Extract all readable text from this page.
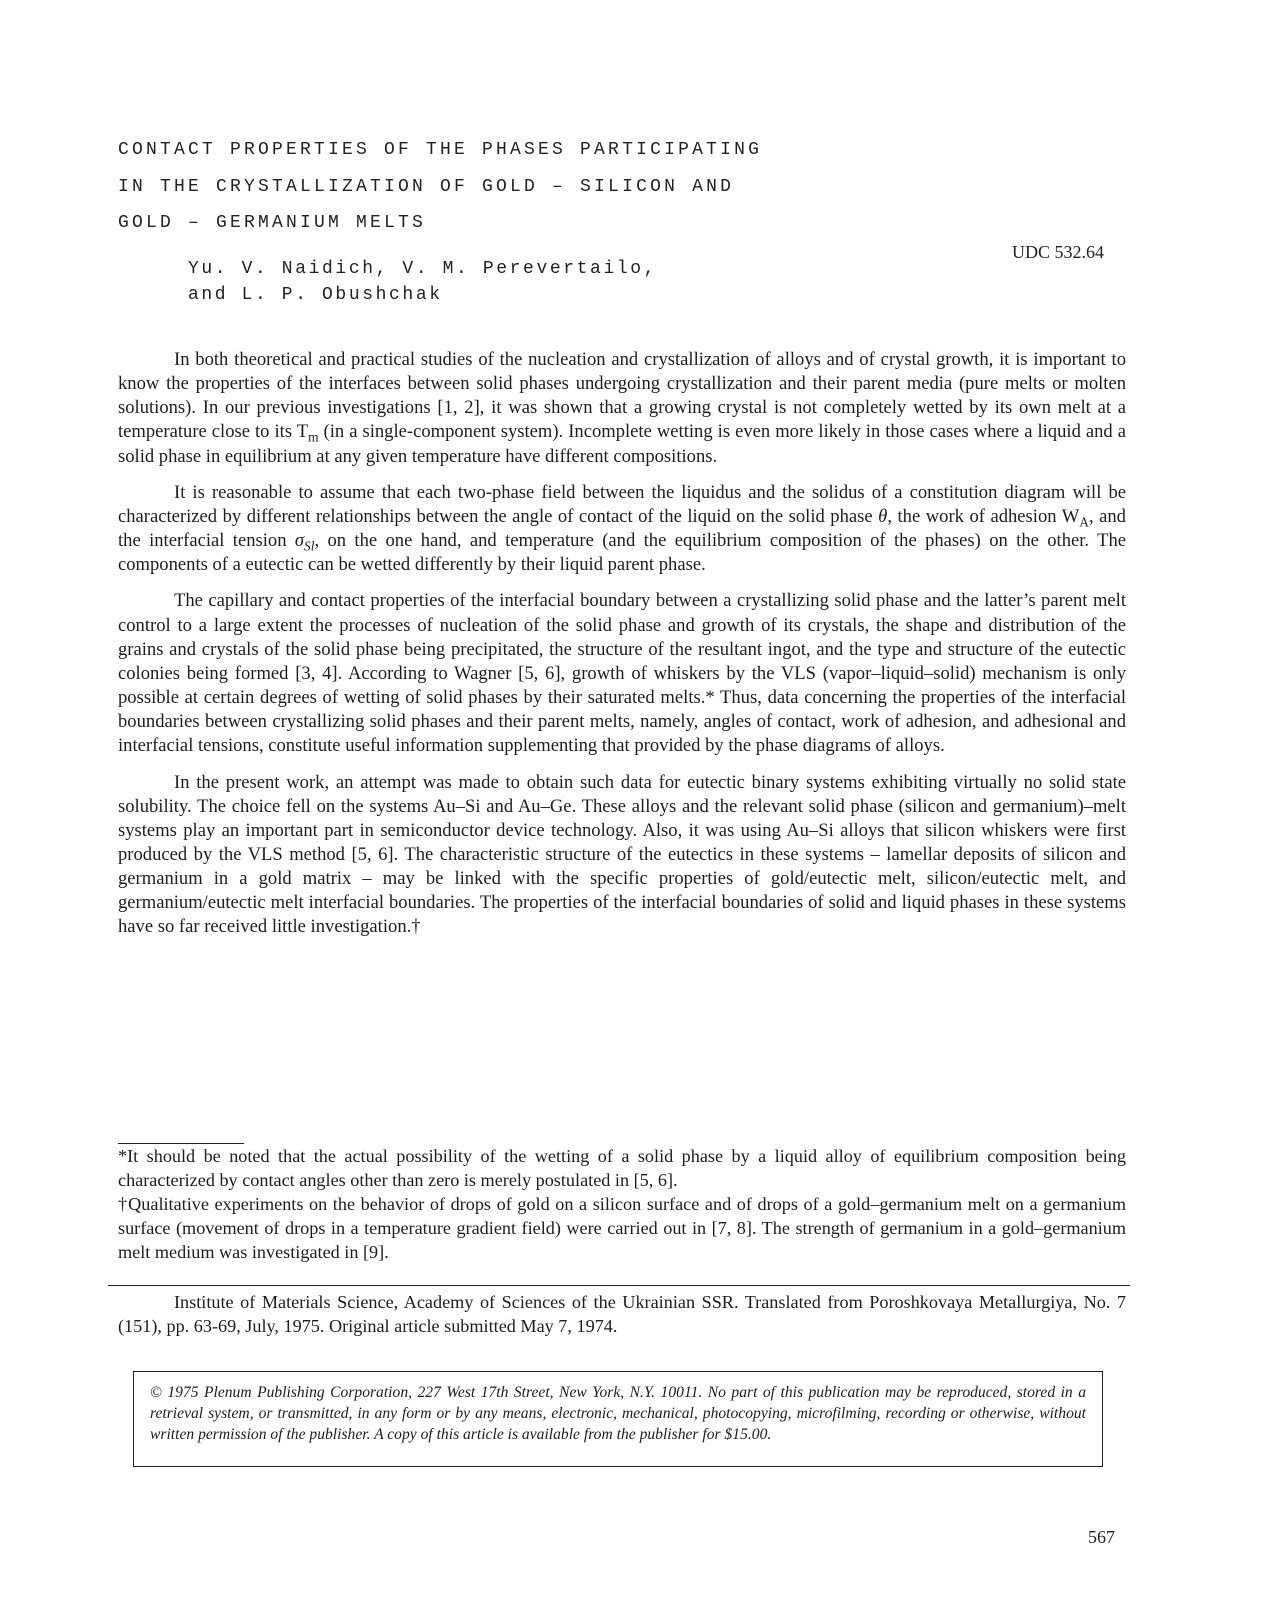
CONTACT PROPERTIES OF THE PHASES PARTICIPATING
IN THE CRYSTALLIZATION OF GOLD – SILICON AND
GOLD – GERMANIUM MELTS
UDC 532.64
Yu. V. Naidich, V. M. Perevertailo,
and L. P. Obushchak

In both theoretical and practical studies of the nucleation and crystallization of alloys and of crystal growth, it is important to know the properties of the interfaces between solid phases undergoing crystallization and their parent media (pure melts or molten solutions). In our previous investigations [1, 2], it was shown that a growing crystal is not completely wetted by its own melt at a temperature close to its $T_m$ (in a single-component system). Incomplete wetting is even more likely in those cases where a liquid and a solid phase in equilibrium at any given temperature have different compositions.

It is reasonable to assume that each two-phase field between the liquidus and the solidus of a constitution diagram will be characterized by different relationships between the angle of contact of the liquid on the solid phase θ, the work of adhesion $W_A$, and the interfacial tension $\sigma_{Sl}$, on the one hand, and temperature (and the equilibrium composition of the phases) on the other. The components of a eutectic can be wetted differently by their liquid parent phase.

The capillary and contact properties of the interfacial boundary between a crystallizing solid phase and the latter’s parent melt control to a large extent the processes of nucleation of the solid phase and growth of its crystals, the shape and distribution of the grains and crystals of the solid phase being precipitated, the structure of the resultant ingot, and the type and structure of the eutectic colonies being formed [3, 4]. According to Wagner [5, 6], growth of whiskers by the VLS (vapor–liquid–solid) mechanism is only possible at certain degrees of wetting of solid phases by their saturated melts.* Thus, data concerning the properties of the interfacial boundaries between crystallizing solid phases and their parent melts, namely, angles of contact, work of adhesion, and adhesional and interfacial tensions, constitute useful information supplementing that provided by the phase diagrams of alloys.

In the present work, an attempt was made to obtain such data for eutectic binary systems exhibiting virtually no solid state solubility. The choice fell on the systems Au–Si and Au–Ge. These alloys and the relevant solid phase (silicon and germanium)–melt systems play an important part in semiconductor device technology. Also, it was using Au–Si alloys that silicon whiskers were first produced by the VLS method [5, 6]. The characteristic structure of the eutectics in these systems – lamellar deposits of silicon and germanium in a gold matrix – may be linked with the specific properties of gold/eutectic melt, silicon/eutectic melt, and germanium/eutectic melt interfacial boundaries. The properties of the interfacial boundaries of solid and liquid phases in these systems have so far received little investigation.†

*It should be noted that the actual possibility of the wetting of a solid phase by a liquid alloy of equilibrium composition being characterized by contact angles other than zero is merely postulated in [5, 6].

†Qualitative experiments on the behavior of drops of gold on a silicon surface and of drops of a gold–germanium melt on a germanium surface (movement of drops in a temperature gradient field) were carried out in [7, 8]. The strength of germanium in a gold–germanium melt medium was investigated in [9].

Institute of Materials Science, Academy of Sciences of the Ukrainian SSR. Translated from Poroshkovaya Metallurgiya, No. 7 (151), pp. 63-69, July, 1975. Original article submitted May 7, 1974.

© 1975 Plenum Publishing Corporation, 227 West 17th Street, New York, N.Y. 10011. No part of this publication may be reproduced, stored in a retrieval system, or transmitted, in any form or by any means, electronic, mechanical, photocopying, microfilming, recording or otherwise, without written permission of the publisher. A copy of this article is available from the publisher for $15.00.

567
